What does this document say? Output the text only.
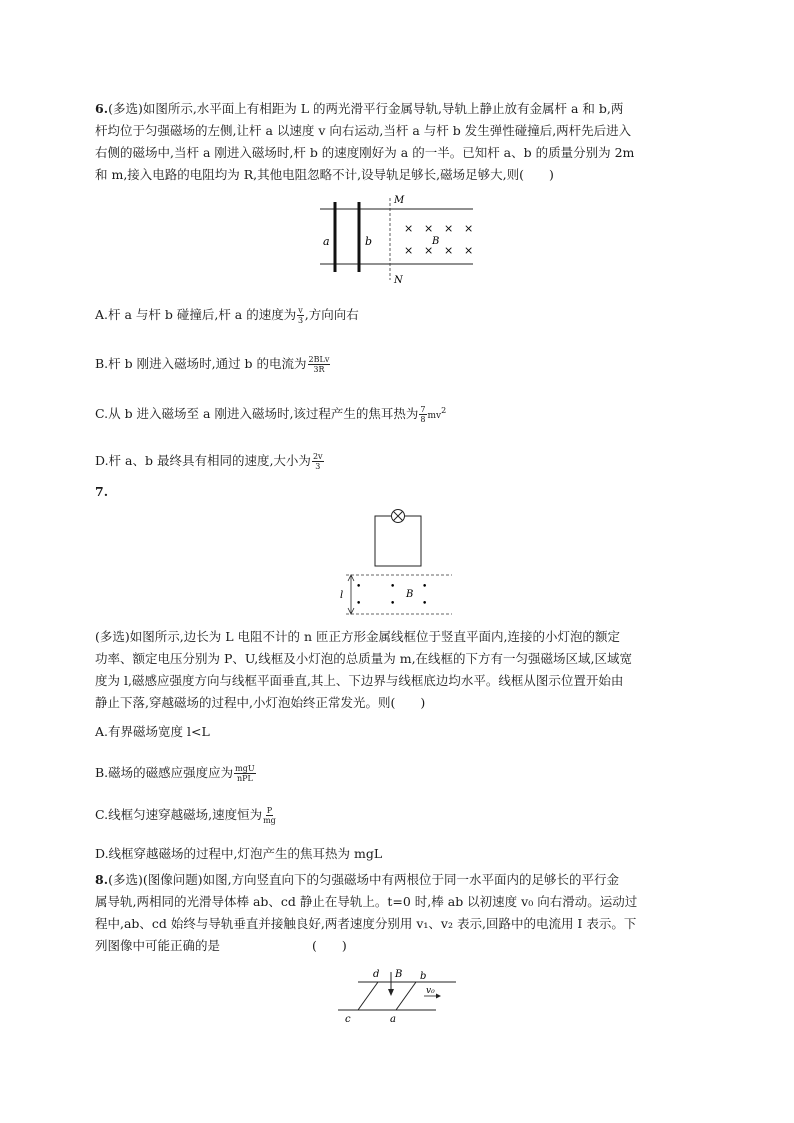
6.(多选)如图所示,水平面上有相距为 L 的两光滑平行金属导轨,导轨上静止放有金属杆 a 和 b,两
杆均位于匀强磁场的左侧,让杆 a 以速度 v 向右运动,当杆 a 与杆 b 发生弹性碰撞后,两杆先后进入
右侧的磁场中,当杆 a 刚进入磁场时,杆 b 的速度刚好为 a 的一半。已知杆 a、b 的质量分别为 2m
和 m,接入电路的电阻均为 R,其他电阻忽略不计,设导轨足够长,磁场足够大,则(　　)
a	b
M
N
B
× × × ×
× × × ×
A.杆 a 与杆 b 碰撞后,杆 a 的速度为 $\frac{v}{3}$ ,方向向右
B.杆 b 刚进入磁场时,通过 b 的电流为 $\frac{\text{2BLv}}{3R}$
C.从 b 进入磁场至 a 刚进入磁场时,该过程产生的焦耳热为 $\frac{7}{8} mv^2$
D.杆 a、b 最终具有相同的速度,大小为 $\frac{2v}{3}$
7.
l	B
•	•	•
•	•	•
(多选)如图所示,边长为 L 电阻不计的 n 匝正方形金属线框位于竖直平面内,连接的小灯泡的额定
功率、额定电压分别为 P、U,线框及小灯泡的总质量为 m,在线框的下方有一匀强磁场区域,区域宽
度为 l,磁感应强度方向与线框平面垂直,其上、下边界与线框底边均水平。线框从图示位置开始由
静止下落,穿越磁场的过程中,小灯泡始终正常发光。则(　　)
A.有界磁场宽度 l<L
B.磁场的磁感应强度应为 $\frac{\text{mgU}}{\text{nPL}}$
C.线框匀速穿越磁场,速度恒为 $\frac{P}{mg}$
D.线框穿越磁场的过程中,灯泡产生的焦耳热为 mgL
8.(多选)(图像问题)如图,方向竖直向下的匀强磁场中有两根位于同一水平面内的足够长的平行金
属导轨,两相同的光滑导体棒 ab、cd 静止在导轨上。t=0 时,棒 ab 以初速度 v₀ 向右滑动。运动过
程中,ab、cd 始终与导轨垂直并接触良好,两者速度分别用 v₁、v₂ 表示,回路中的电流用 I 表示。下
列图像中可能正确的是	(　　)
d B b
v₀
c	a
